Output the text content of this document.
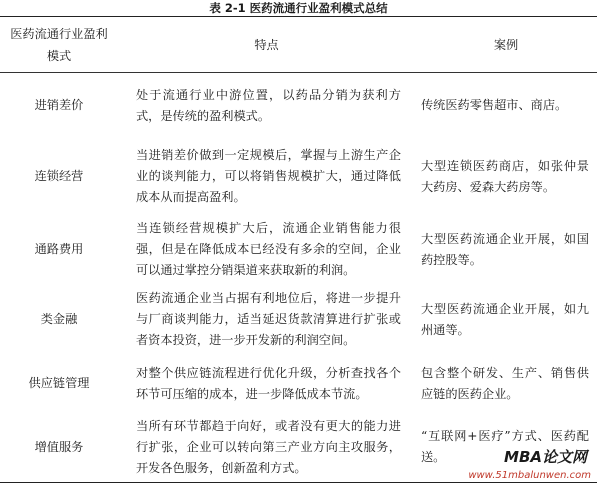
表 2-1 医药流通行业盈利模式总结
医药流通行业盈利模式	特点	案例
进销差价	处于流通行业中游位置，以药品分销为获利方式，是传统的盈利模式。	传统医药零售超市、商店。
连锁经营	当进销差价做到一定规模后，掌握与上游生产企业的谈判能力，可以将销售规模扩大，通过降低成本从而提高盈利。	大型连锁医药商店，如张仲景大药房、爱森大药房等。
通路费用	当连锁经营规模扩大后，流通企业销售能力很强，但是在降低成本已经没有多余的空间，企业可以通过掌控分销渠道来获取新的利润。	大型医药流通企业开展，如国药控股等。
类金融	医药流通企业当占据有利地位后，将进一步提升与厂商谈判能力，适当延迟货款清算进行扩张或者资本投资，进一步开发新的利润空间。	大型医药流通企业开展，如九州通等。
供应链管理	对整个供应链流程进行优化升级，分析查找各个环节可压缩的成本，进一步降低成本节流。	包含整个研发、生产、销售供应链的医药企业。
增值服务	当所有环节都趋于向好，或者没有更大的能力进行扩张，企业可以转向第三产业方向主攻服务，开发各色服务，创新盈利方式。	“互联网+医疗”方式、医药配送。	MBA论文网
www.51mbalunwen.com
